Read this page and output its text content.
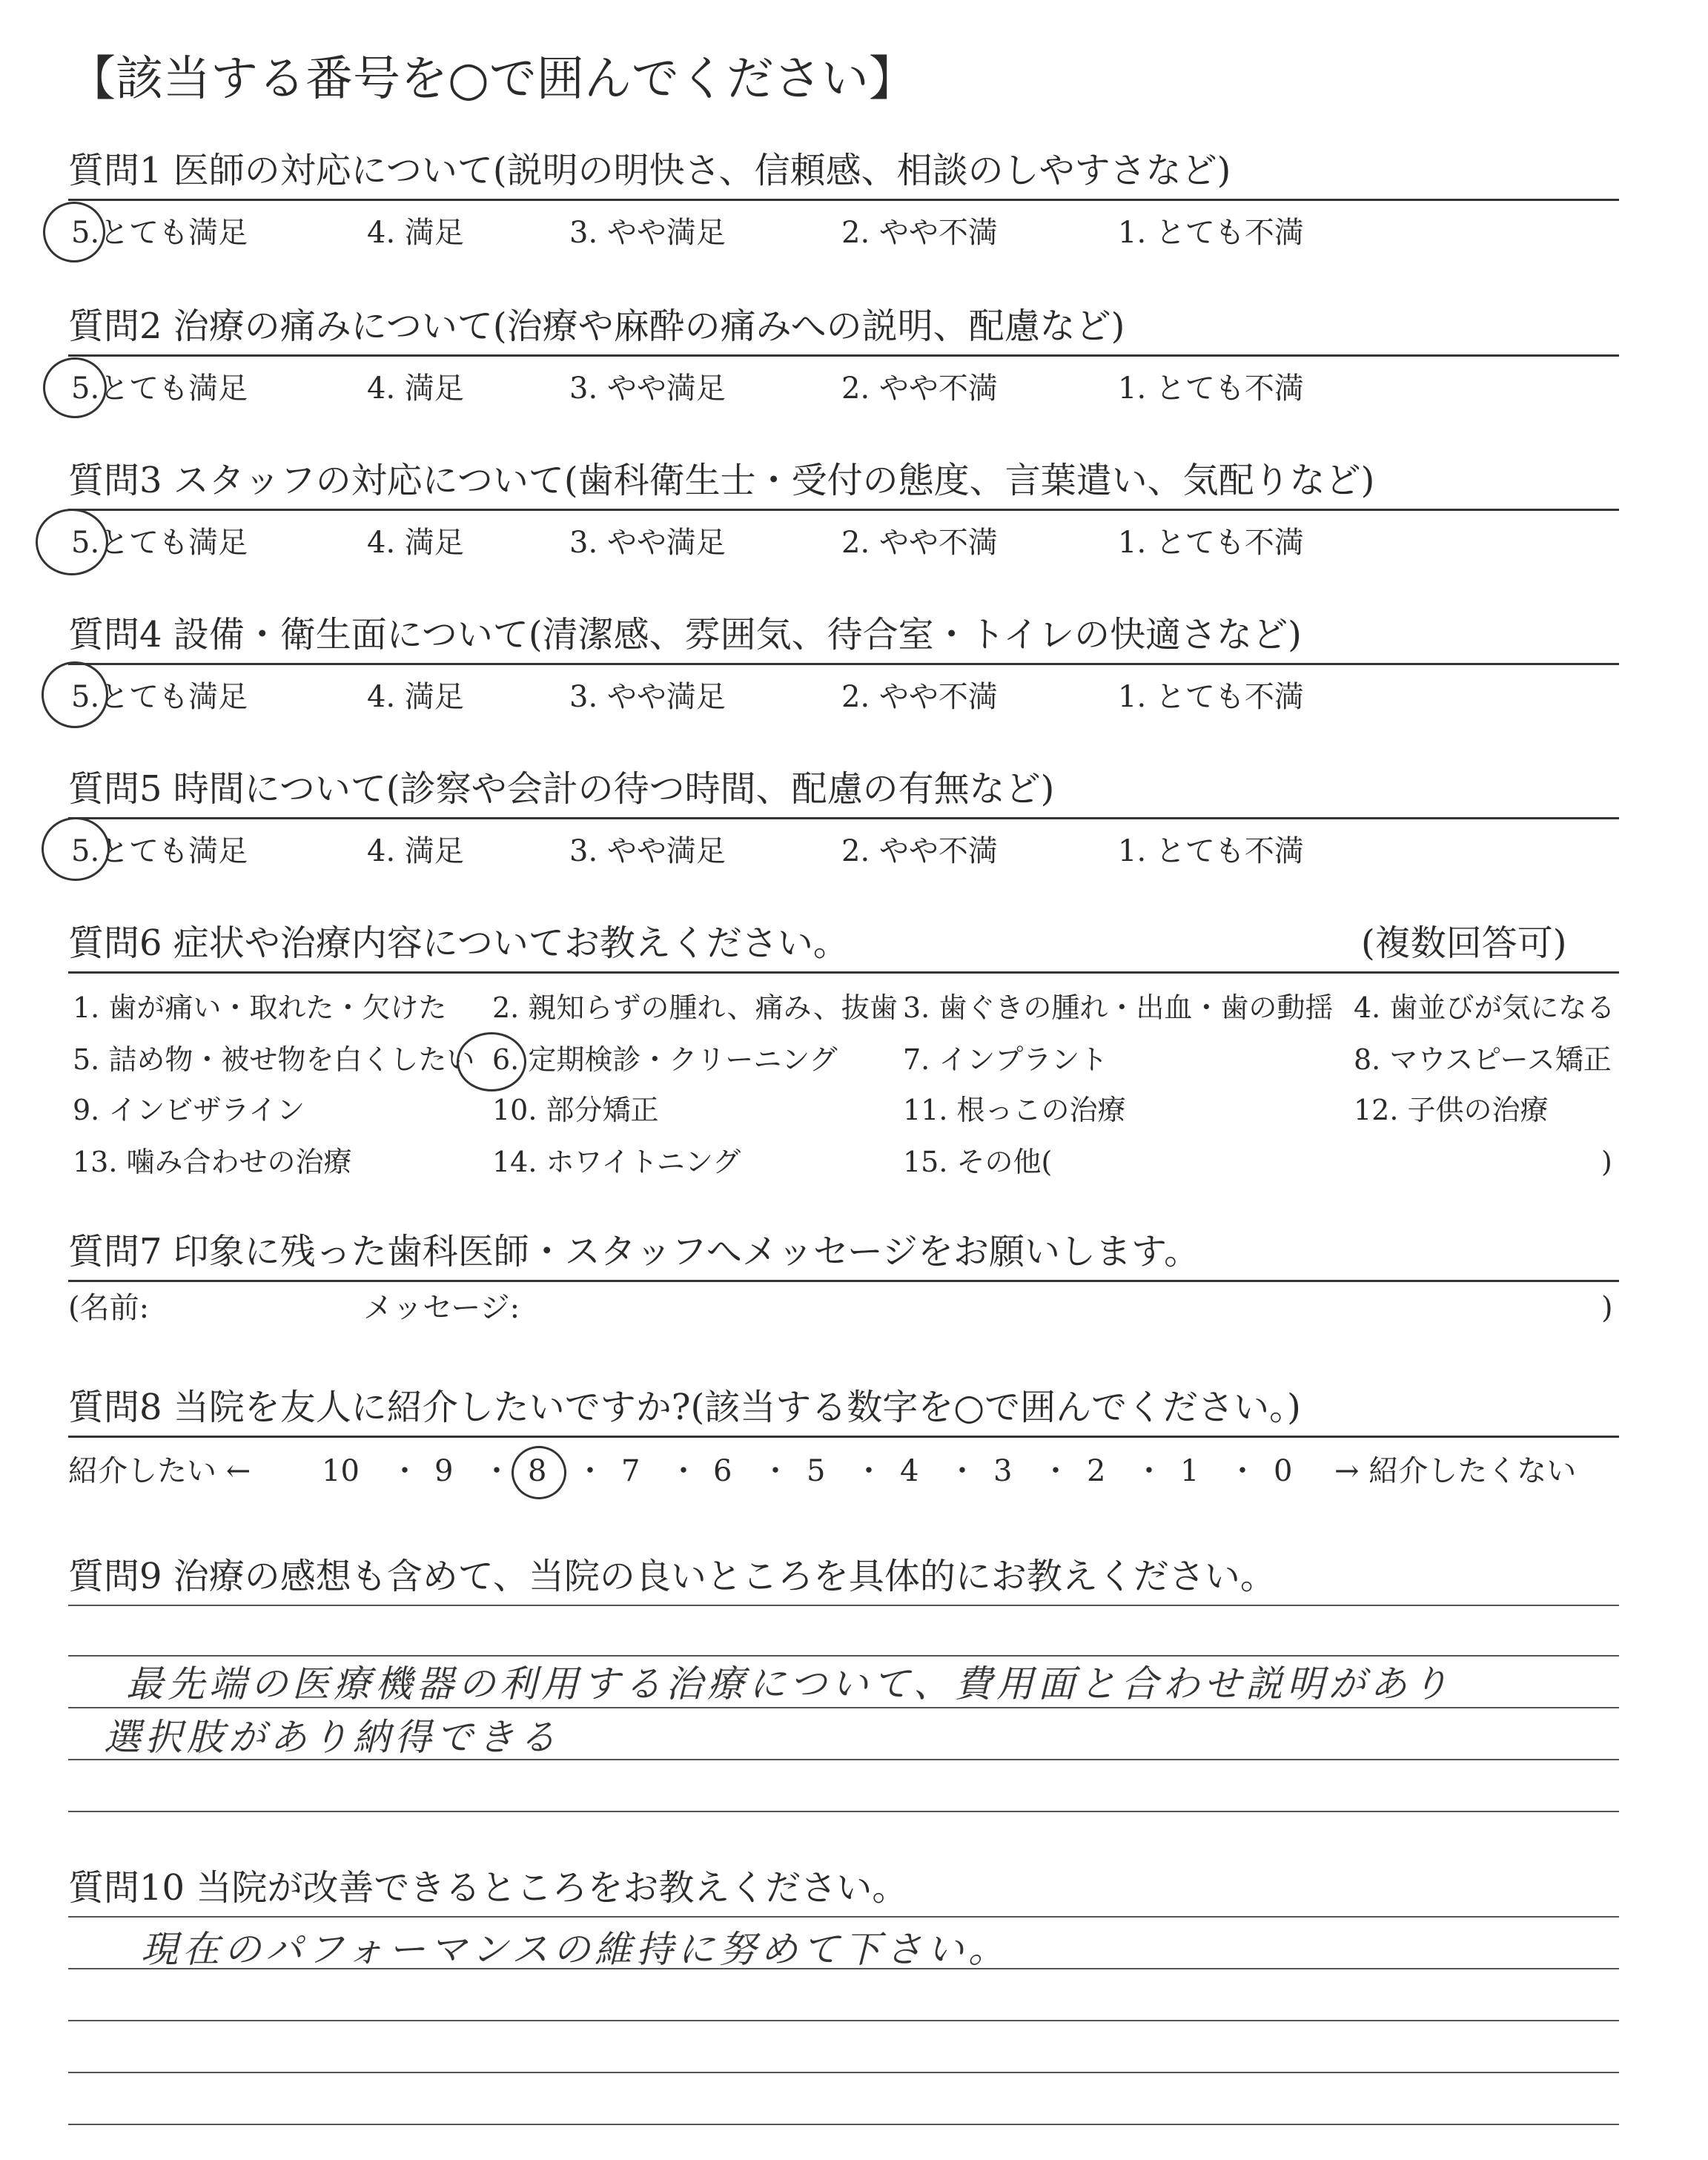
【該当する番号を○で囲んでください】
質問1 医師の対応について(説明の明快さ、信頼感、相談のしやすさなど)
5.とても満足	4. 満足	3. やや満足	2. やや不満	1. とても不満
質問2 治療の痛みについて(治療や麻酔の痛みへの説明、配慮など)
5.とても満足	4. 満足	3. やや満足	2. やや不満	1. とても不満
質問3 スタッフの対応について(歯科衛生士・受付の態度、言葉遣い、気配りなど)
5.とても満足	4. 満足	3. やや満足	2. やや不満	1. とても不満
質問4 設備・衛生面について(清潔感、雰囲気、待合室・トイレの快適さなど)
5.とても満足	4. 満足	3. やや満足	2. やや不満	1. とても不満
質問5 時間について(診察や会計の待つ時間、配慮の有無など)
5.とても満足	4. 満足	3. やや満足	2. やや不満	1. とても不満
質問6 症状や治療内容についてお教えください。	(複数回答可)
1. 歯が痛い・取れた・欠けた 2. 親知らずの腫れ、痛み、抜歯 3. 歯ぐきの腫れ・出血・歯の動揺 4. 歯並びが気になる
5. 詰め物・被せ物を白くしたい 6. 定期検診・クリーニング 7. インプラント	8. マウスピース矯正
9. インビザライン	10. 部分矯正	11. 根っこの治療	12. 子供の治療
13. 噛み合わせの治療	14. ホワイトニング	15. その他(	)
質問7 印象に残った歯科医師・スタッフへメッセージをお願いします。
(名前:	メッセージ:	)
質問8 当院を友人に紹介したいですか?(該当する数字を○で囲んでください。)
紹介したい ← 10 ・ 9 ・ 8 ・ 7 ・ 6 ・ 5 ・ 4 ・ 3 ・ 2 ・ 1 ・ 0 → 紹介したくない
質問9 治療の感想も含めて、当院の良いところを具体的にお教えください。
最先端の医療機器の利用する治療について、費用面と合わせ説明があり
選択肢があり納得できる
質問10 当院が改善できるところをお教えください。
現在のパフォーマンスの維持に努めて下さい。
